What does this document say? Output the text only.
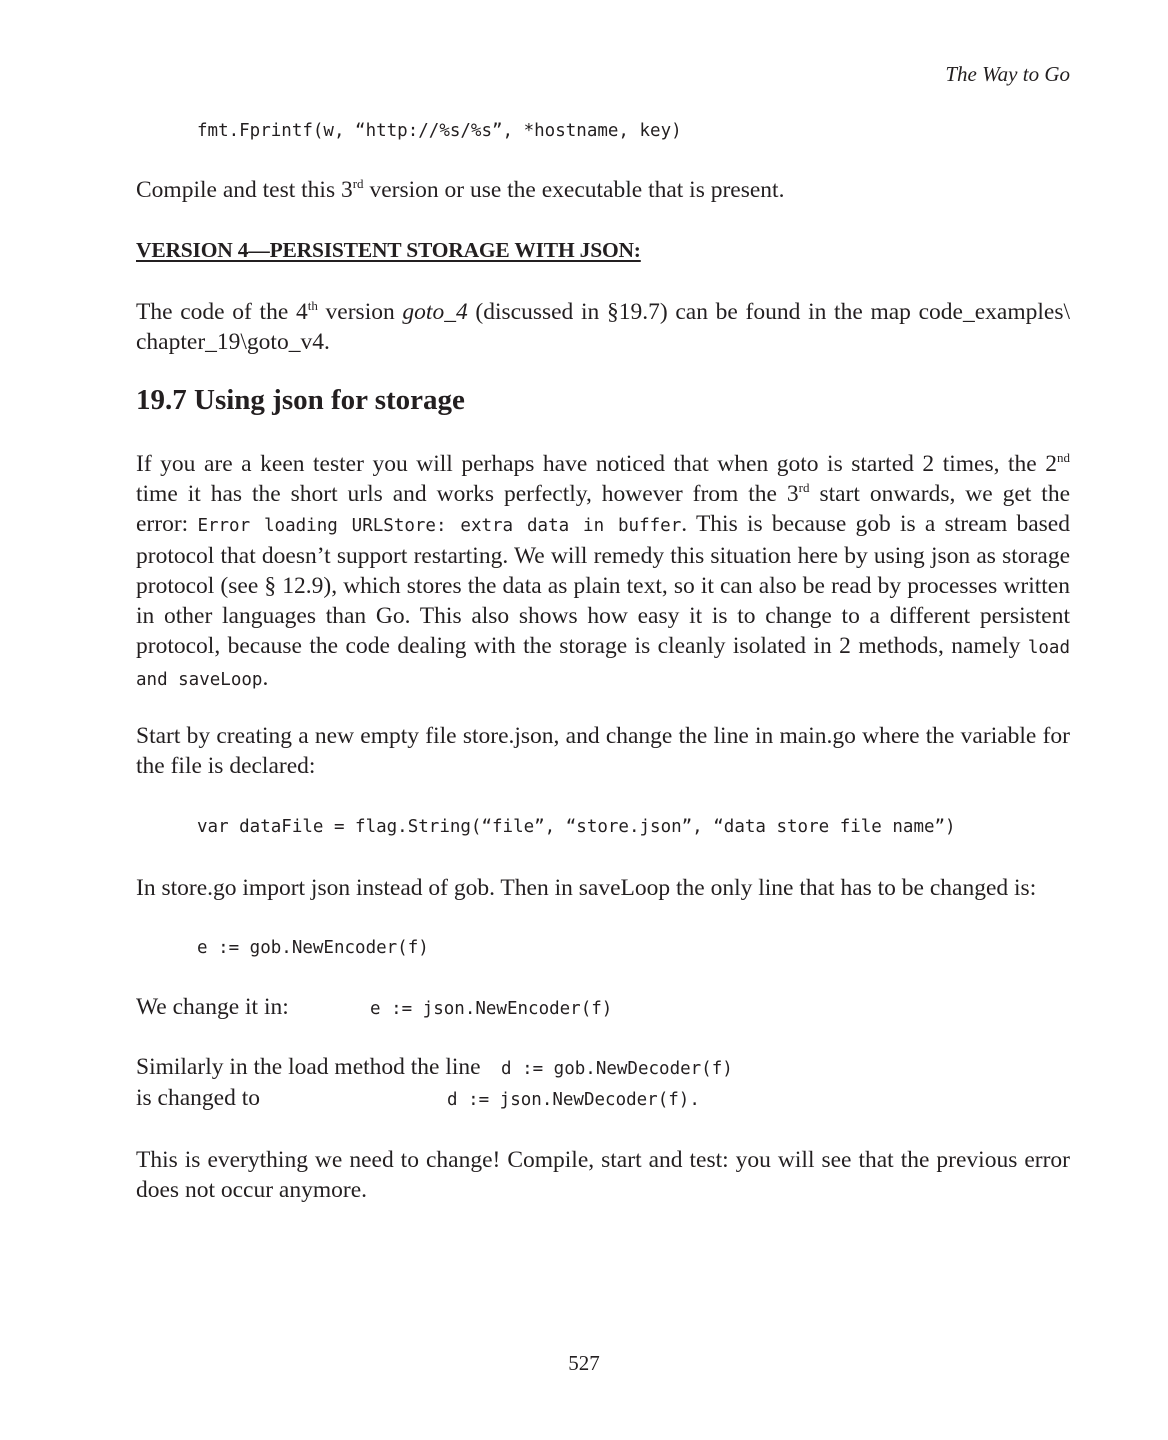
The Way to Go
fmt.Fprintf(w, “http://%s/%s”, *hostname, key)

Compile and test this 3rd version or use the executable that is present.

VERSION 4—PERSISTENT STORAGE WITH JSON:

The code of the 4th version goto_4 (discussed in §19.7) can be found in the map code_examples\
chapter_19\goto_v4.

19.7 Using json for storage

If you are a keen tester you will perhaps have noticed that when goto is started 2 times, the 2nd
time it has the short urls and works perfectly, however from the 3rd start onwards, we get the
error: Error loading URLStore: extra data in buffer. This is because gob is a stream based
protocol that doesn’t support restarting. We will remedy this situation here by using json as storage
protocol (see § 12.9), which stores the data as plain text, so it can also be read by processes written
in other languages than Go. This also shows how easy it is to change to a different persistent
protocol, because the code dealing with the storage is cleanly isolated in 2 methods, namely load
and saveLoop.

Start by creating a new empty file store.json, and change the line in main.go where the variable for
the file is declared:

var dataFile = flag.String(“file”, “store.json”, “data store file name”)

In store.go import json instead of gob. Then in saveLoop the only line that has to be changed is:

e := gob.NewEncoder(f)
We change it in:	e := json.NewEncoder(f)
Similarly in the load method the line d := gob.NewDecoder(f)
is changed to	d := json.NewDecoder(f).

This is everything we need to change! Compile, start and test: you will see that the previous error
does not occur anymore.

527
